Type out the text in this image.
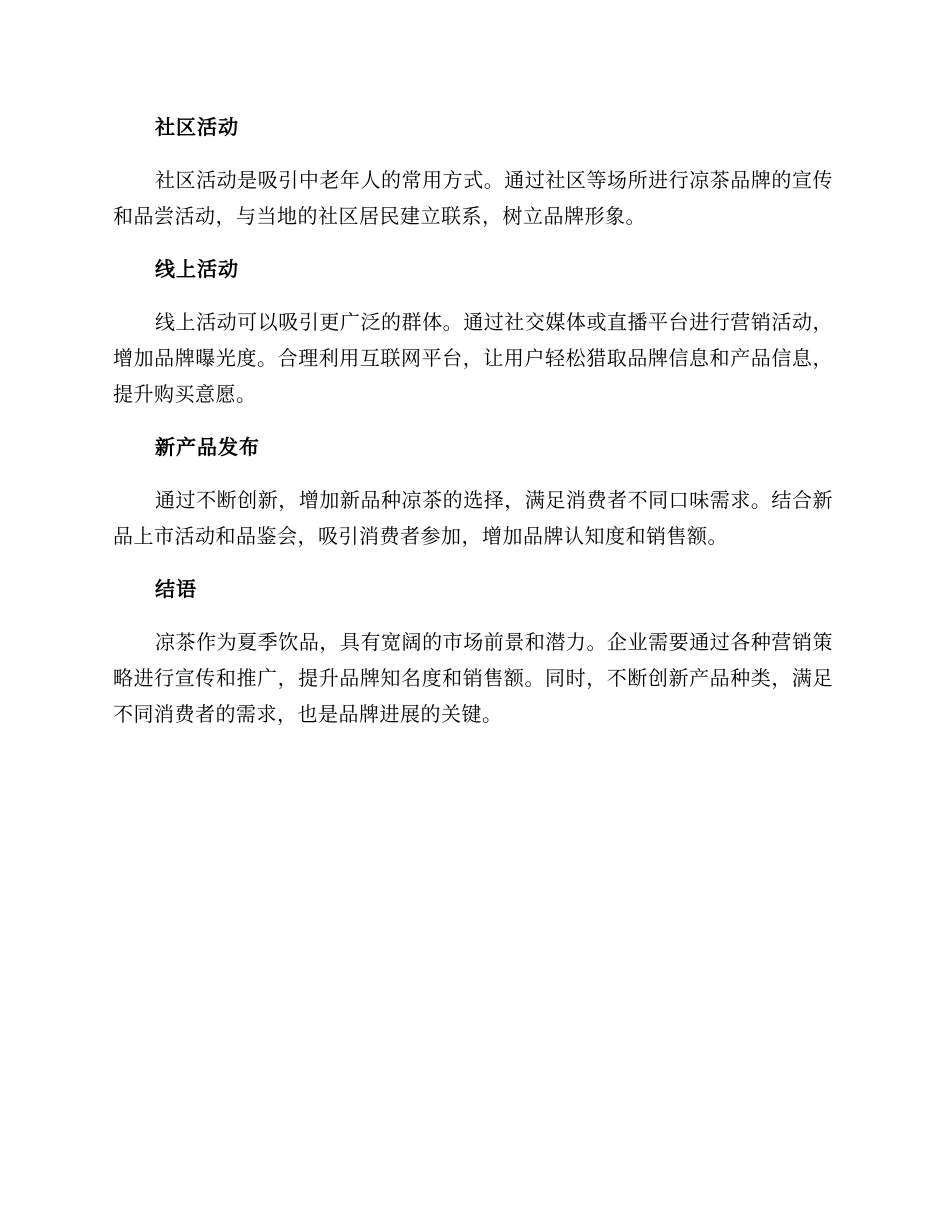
社区活动

社区活动是吸引中老年人的常用方式。通过社区等场所进行凉茶品牌的宣传和品尝活动，与当地的社区居民建立联系，树立品牌形象。

线上活动

线上活动可以吸引更广泛的群体。通过社交媒体或直播平台进行营销活动，增加品牌曝光度。合理利用互联网平台，让用户轻松猎取品牌信息和产品信息，提升购买意愿。

新产品发布

通过不断创新，增加新品种凉茶的选择，满足消费者不同口味需求。结合新品上市活动和品鉴会，吸引消费者参加，增加品牌认知度和销售额。

结语

凉茶作为夏季饮品，具有宽阔的市场前景和潜力。企业需要通过各种营销策略进行宣传和推广，提升品牌知名度和销售额。同时，不断创新产品种类，满足不同消费者的需求，也是品牌进展的关键。
